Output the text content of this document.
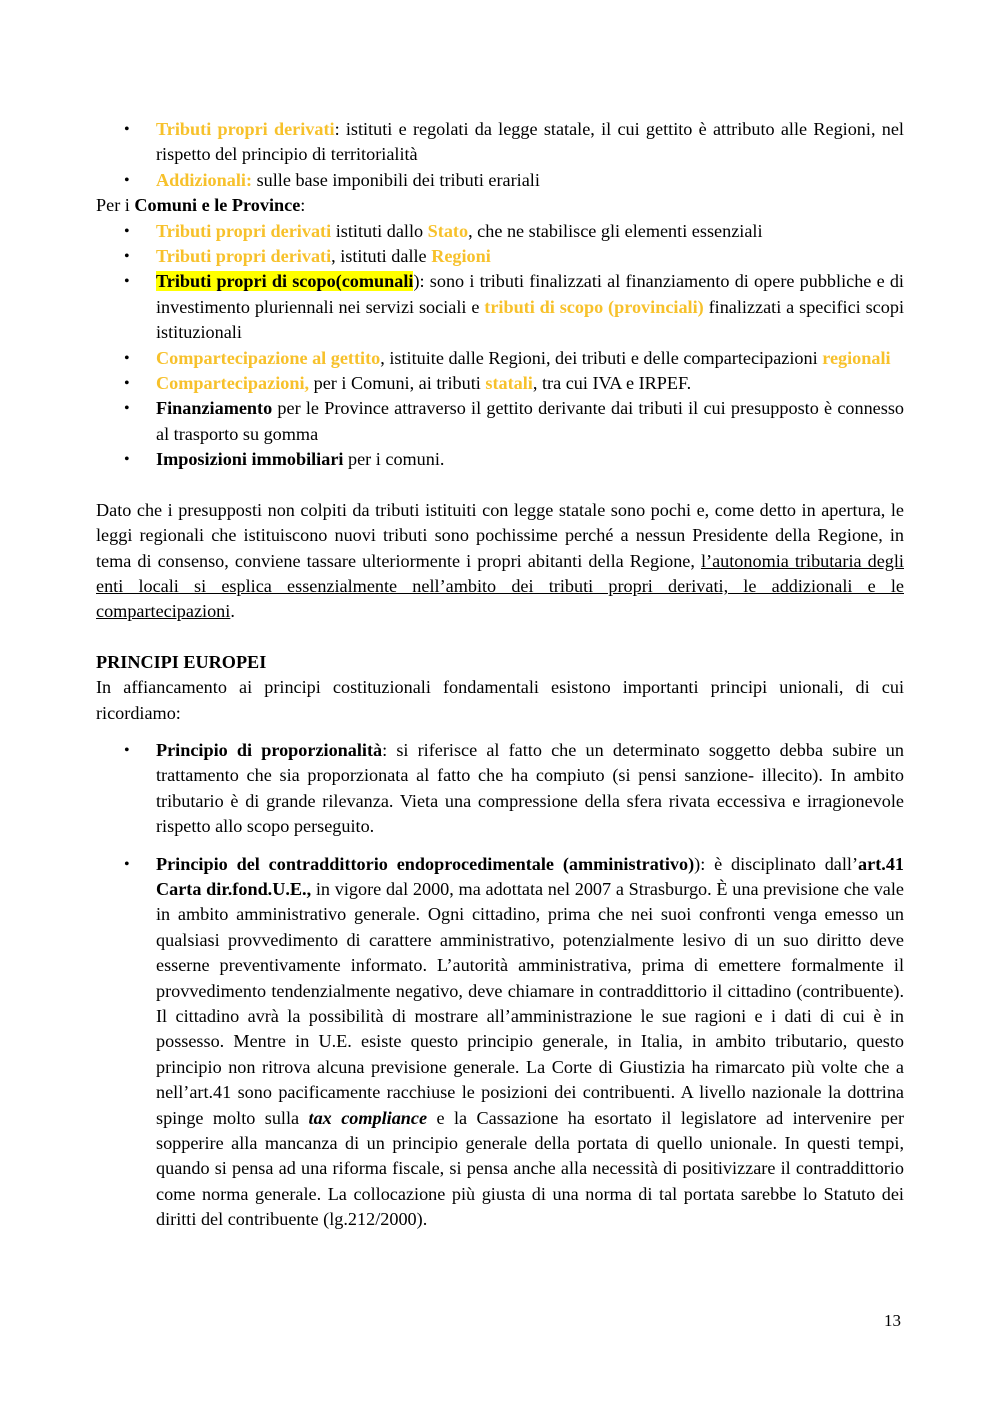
• Tributi propri derivati: istituti e regolati da legge statale, il cui gettito è attributo alle Regioni, nel rispetto del principio di territorialità
• Addizionali: sulle base imponibili dei tributi erariali

Per i Comuni e le Province:

• Tributi propri derivati istituti dallo Stato, che ne stabilisce gli elementi essenziali
• Tributi propri derivati, istituti dalle Regioni
• Tributi propri di scopo(comunali): sono i tributi finalizzati al finanziamento di opere pubbliche e di investimento pluriennali nei servizi sociali e tributi di scopo (provinciali) finalizzati a specifici scopi istituzionali
• Compartecipazione al gettito, istituite dalle Regioni, dei tributi e delle compartecipazioni regionali
• Compartecipazioni, per i Comuni, ai tributi statali, tra cui IVA e IRPEF.
• Finanziamento per le Province attraverso il gettito derivante dai tributi il cui presupposto è connesso al trasporto su gomma
• Imposizioni immobiliari per i comuni.

Dato che i presupposti non colpiti da tributi istituiti con legge statale sono pochi e, come detto in apertura, le leggi regionali che istituiscono nuovi tributi sono pochissime perché a nessun Presidente della Regione, in tema di consenso, conviene tassare ulteriormente i propri abitanti della Regione, l’autonomia tributaria degli enti locali si esplica essenzialmente nell’ambito dei tributi propri derivati, le addizionali e le compartecipazioni.

PRINCIPI EUROPEI

In affiancamento ai principi costituzionali fondamentali esistono importanti principi unionali, di cui ricordiamo:

• Principio di proporzionalità: si riferisce al fatto che un determinato soggetto debba subire un trattamento che sia proporzionata al fatto che ha compiuto (si pensi sanzione- illecito). In ambito tributario è di grande rilevanza. Vieta una compressione della sfera rivata eccessiva e irragionevole rispetto allo scopo perseguito.
• Principio del contraddittorio endoprocedimentale (amministrativo)): è disciplinato dall’art.41 Carta dir.fond.U.E., in vigore dal 2000, ma adottata nel 2007 a Strasburgo. È una previsione che vale in ambito amministrativo generale. Ogni cittadino, prima che nei suoi confronti venga emesso un qualsiasi provvedimento di carattere amministrativo, potenzialmente lesivo di un suo diritto deve esserne preventivamente informato. L’autorità amministrativa, prima di emettere formalmente il provvedimento tendenzialmente negativo, deve chiamare in contraddittorio il cittadino (contribuente). Il cittadino avrà la possibilità di mostrare all’amministrazione le sue ragioni e i dati di cui è in possesso. Mentre in U.E. esiste questo principio generale, in Italia, in ambito tributario, questo principio non ritrova alcuna previsione generale. La Corte di Giustizia ha rimarcato più volte che a nell’art.41 sono pacificamente racchiuse le posizioni dei contribuenti. A livello nazionale la dottrina spinge molto sulla tax compliance e la Cassazione ha esortato il legislatore ad intervenire per sopperire alla mancanza di un principio generale della portata di quello unionale. In questi tempi, quando si pensa ad una riforma fiscale, si pensa anche alla necessità di positivizzare il contraddittorio come norma generale. La collocazione più giusta di una norma di tal portata sarebbe lo Statuto dei diritti del contribuente (lg.212/2000).
13
